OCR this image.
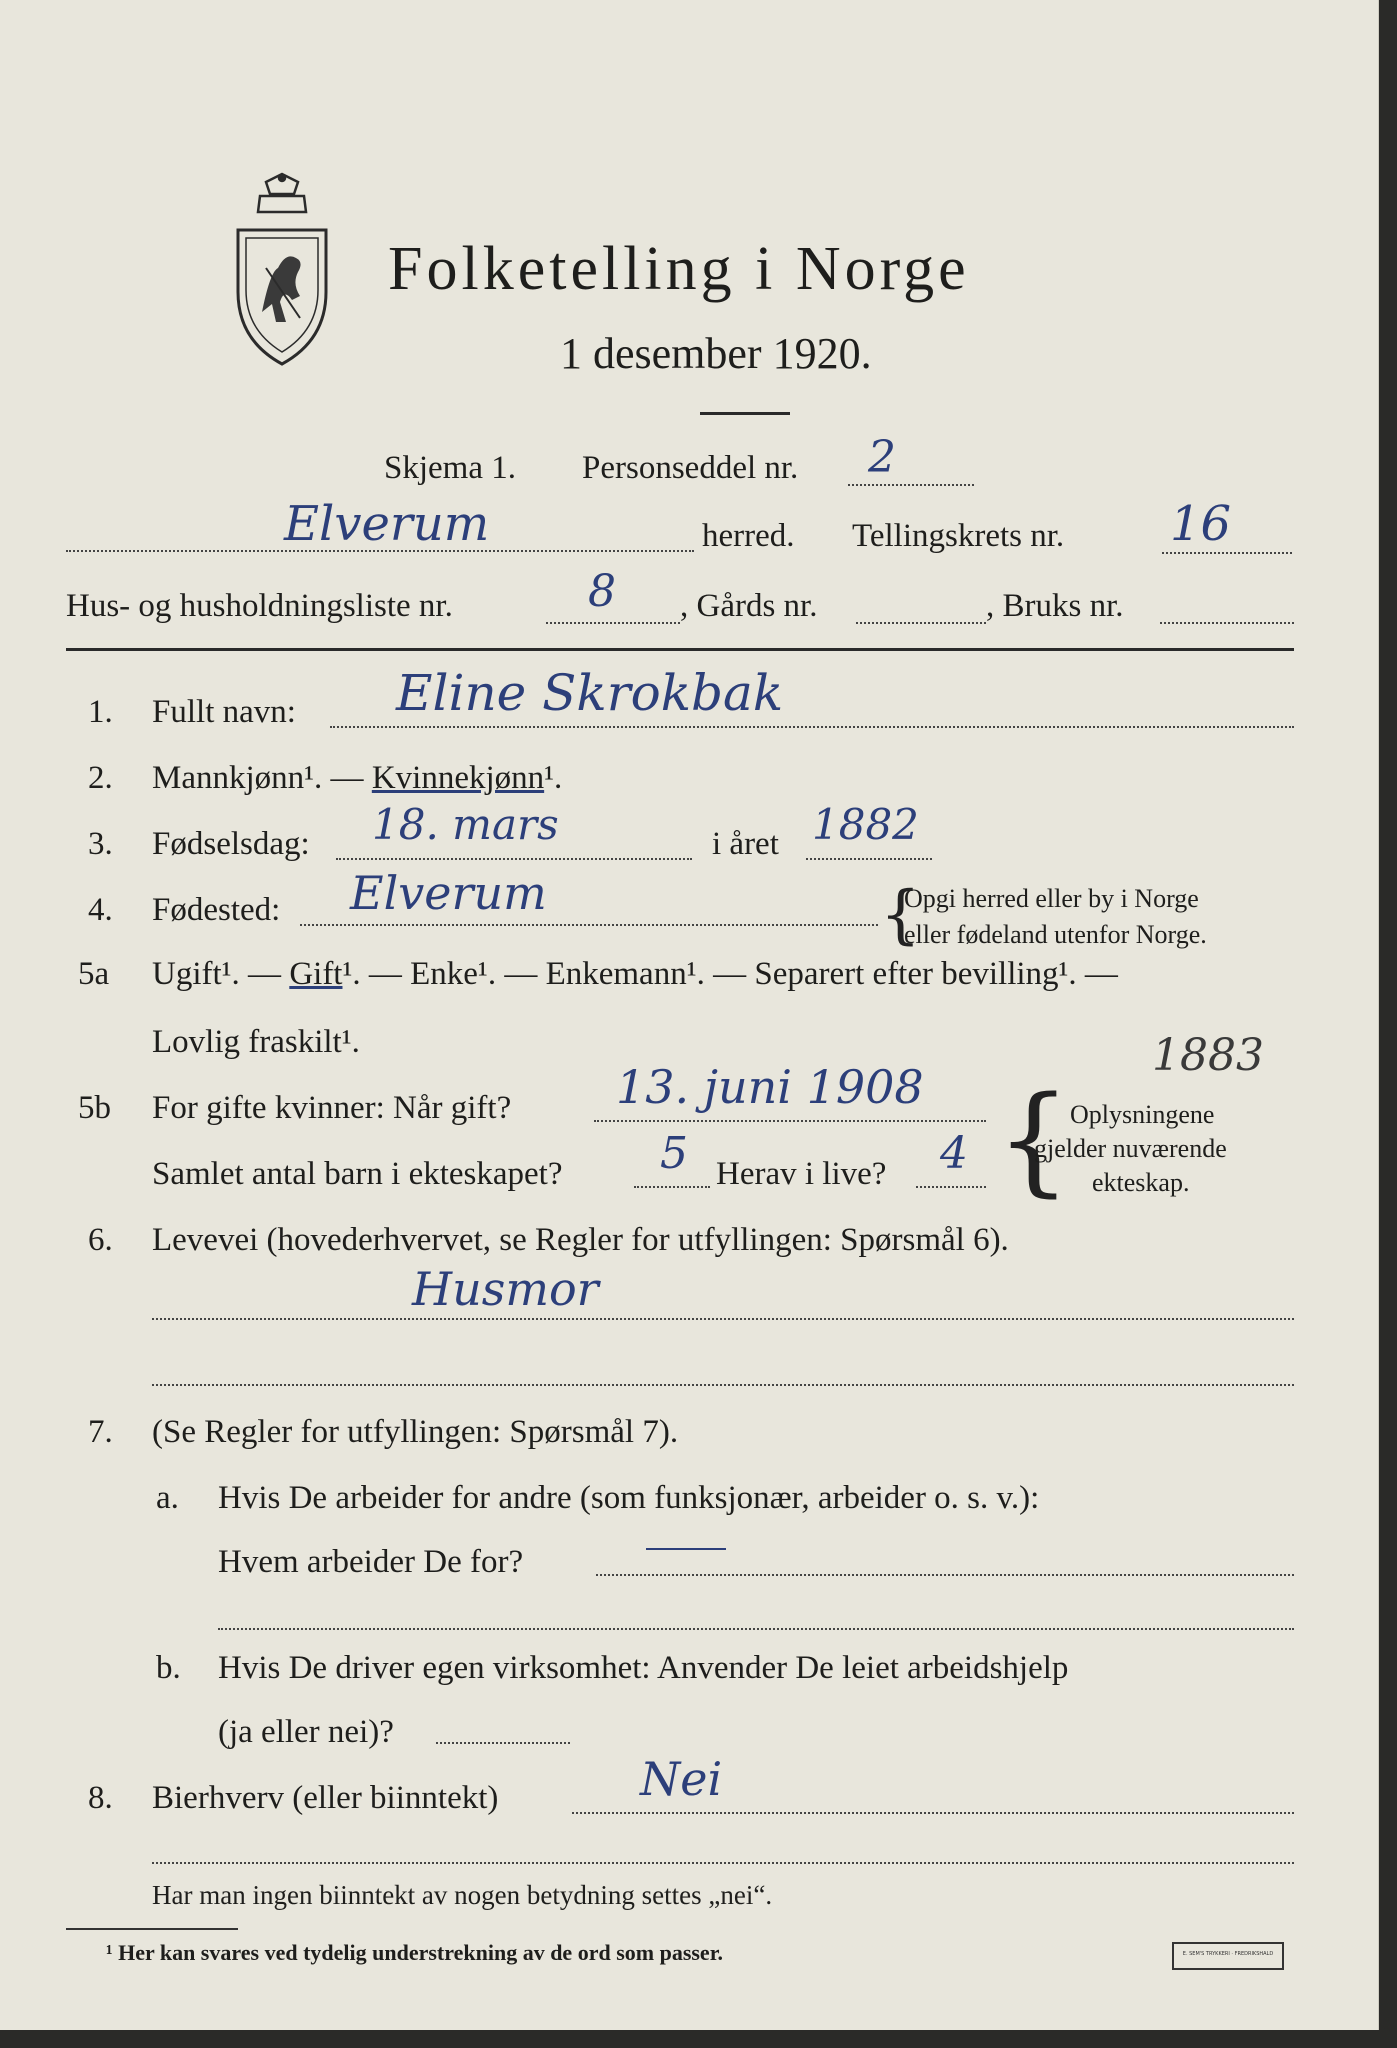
Folketelling i Norge
1 desember 1920.
Skjema 1. Personseddel nr. 2
Elverum	herred. Tellingskrets nr. 16
Hus- og husholdningsliste nr.	8 , Gårds nr.	, Bruks nr.
1. Fullt navn: Eline Skrokbak
2. Mannkjønn¹. — Kvinnekjønn¹.
3. Fødselsdag: 18. mars	i året 1882
4. Fødested: Elverum	{
Opgi herred eller by i Norge
eller fødeland utenfor Norge.
5a Ugift¹. — Gift¹. — Enke¹. — Enkemann¹. — Separert efter bevilling¹. —
Lovlig fraskilt¹.	1883
5b For gifte kvinner: Når gift? 13. juni 1908
Samlet antal barn i ekteskapet? 5 Herav i live? 4 {
Oplysningene
gjelder nuværende
ekteskap.
6. Levevei (hovederhvervet, se Regler for utfyllingen: Spørsmål 6).
Husmor
7. (Se Regler for utfyllingen: Spørsmål 7).
a. Hvis De arbeider for andre (som funksjonær, arbeider o. s. v.):
Hvem arbeider De for?
b. Hvis De driver egen virksomhet: Anvender De leiet arbeidshjelp
(ja eller nei)?
8. Bierhverv (eller biinntekt)	Nei
Har man ingen biinntekt av nogen betydning settes „nei“.
¹ Her kan svares ved tydelig understrekning av de ord som passer.	E. SEM'S TRYKKERI · FREDRIKSHALD
